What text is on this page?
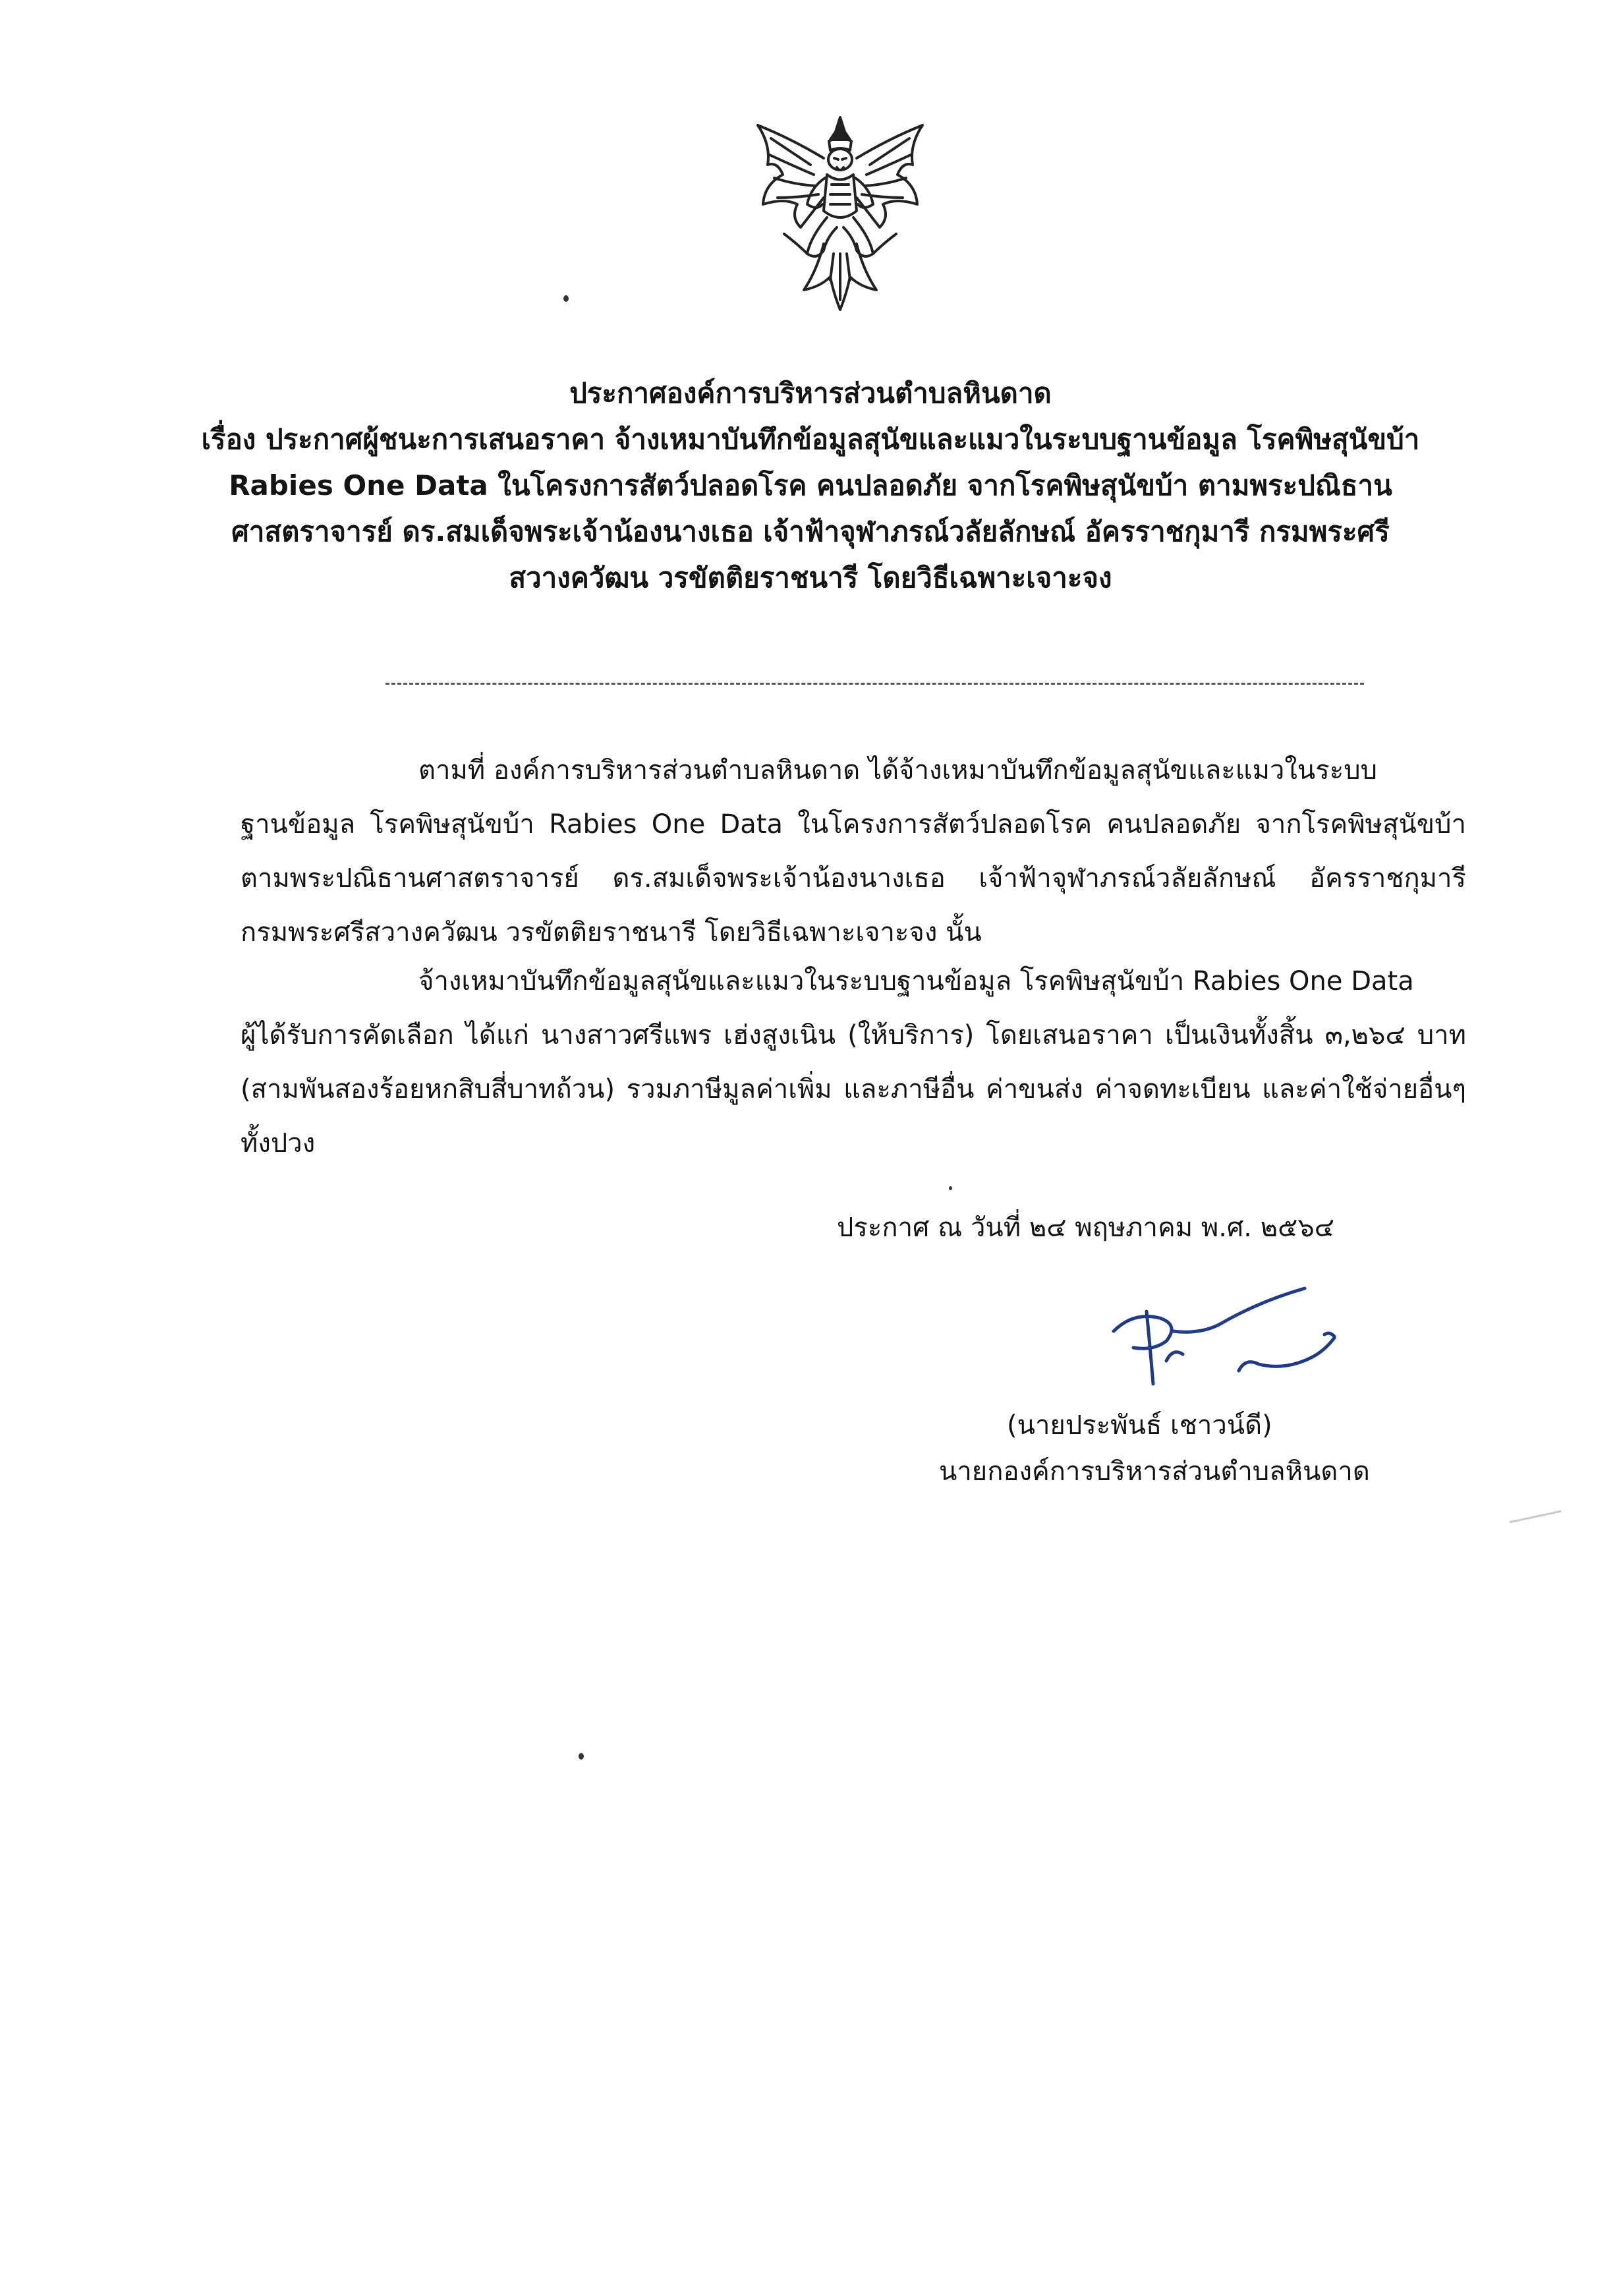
ประกาศองค์การบริหารส่วนตำบลหินดาด
เรื่อง ประกาศผู้ชนะการเสนอราคา จ้างเหมาบันทึกข้อมูลสุนัขและแมวในระบบฐานข้อมูล โรคพิษสุนัขบ้า
Rabies One Data ในโครงการสัตว์ปลอดโรค คนปลอดภัย จากโรคพิษสุนัขบ้า ตามพระปณิธาน
ศาสตราจารย์ ดร.สมเด็จพระเจ้าน้องนางเธอ เจ้าฟ้าจุฬาภรณ์วลัยลักษณ์ อัครราชกุมารี กรมพระศรี
สวางควัฒน วรขัตติยราชนารี โดยวิธีเฉพาะเจาะจง
ตามที่ องค์การบริหารส่วนตำบลหินดาด ได้จ้างเหมาบันทึกข้อมูลสุนัขและแมวในระบบ
ฐานข้อมูล โรคพิษสุนัขบ้า Rabies One Data ในโครงการสัตว์ปลอดโรค คนปลอดภัย จากโรคพิษสุนัขบ้า
ตามพระปณิธานศาสตราจารย์ ดร.สมเด็จพระเจ้าน้องนางเธอ เจ้าฟ้าจุฬาภรณ์วลัยลักษณ์ อัครราชกุมารี
กรมพระศรีสวางควัฒน วรขัตติยราชนารี โดยวิธีเฉพาะเจาะจง นั้น
จ้างเหมาบันทึกข้อมูลสุนัขและแมวในระบบฐานข้อมูล โรคพิษสุนัขบ้า Rabies One Data
ผู้ได้รับการคัดเลือก ได้แก่ นางสาวศรีแพร เฮ่งสูงเนิน (ให้บริการ) โดยเสนอราคา เป็นเงินทั้งสิ้น ๓,๒๖๔ บาท
(สามพันสองร้อยหกสิบสี่บาทถ้วน) รวมภาษีมูลค่าเพิ่ม และภาษีอื่น ค่าขนส่ง ค่าจดทะเบียน และค่าใช้จ่ายอื่นๆ
ทั้งปวง
ประกาศ ณ วันที่ ๒๔ พฤษภาคม พ.ศ. ๒๕๖๔
(นายประพันธ์ เชาวน์ดี)
นายกองค์การบริหารส่วนตำบลหินดาด
